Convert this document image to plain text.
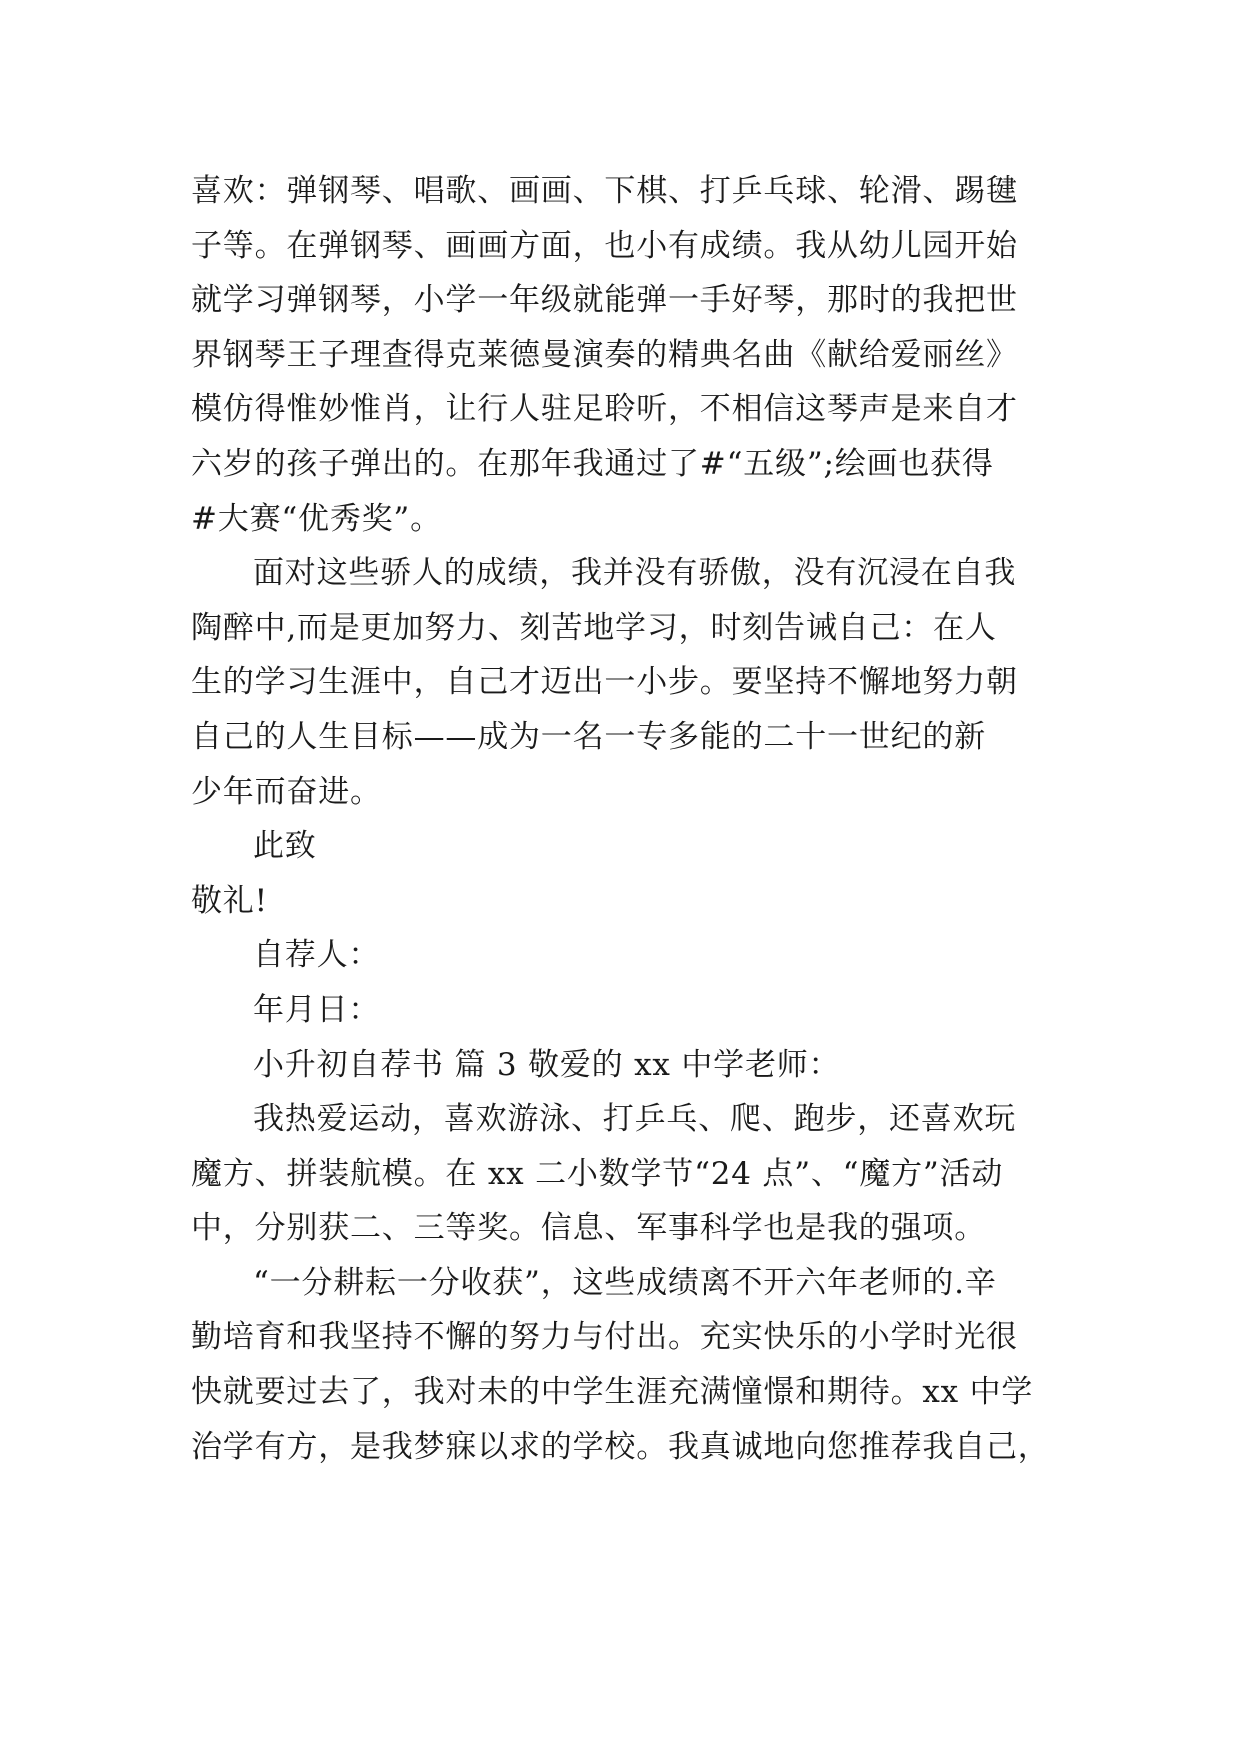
喜欢：弹钢琴、唱歌、画画、下棋、打乒乓球、轮滑、踢毽
子等。在弹钢琴、画画方面，也小有成绩。我从幼儿园开始
就学习弹钢琴，小学一年级就能弹一手好琴，那时的我把世
界钢琴王子理查得克莱德曼演奏的精典名曲《献给爱丽丝》
模仿得惟妙惟肖，让行人驻足聆听，不相信这琴声是来自才
六岁的孩子弹出的。在那年我通过了#“五级”;绘画也获得
#大赛“优秀奖”。
面对这些骄人的成绩，我并没有骄傲，没有沉浸在自我
陶醉中,而是更加努力、刻苦地学习，时刻告诫自己：在人
生的学习生涯中，自己才迈出一小步。要坚持不懈地努力朝
自己的人生目标——成为一名一专多能的二十一世纪的新
少年而奋进。
此致
敬礼!
自荐人：
年月日：
小升初自荐书 篇 3 敬爱的 xx 中学老师：
我热爱运动，喜欢游泳、打乒乓、爬、跑步，还喜欢玩
魔方、拼装航模。在 xx 二小数学节“24 点”、“魔方”活动
中，分别获二、三等奖。信息、军事科学也是我的强项。
“一分耕耘一分收获”，这些成绩离不开六年老师的.辛
勤培育和我坚持不懈的努力与付出。充实快乐的小学时光很
快就要过去了，我对未的中学生涯充满憧憬和期待。xx 中学
治学有方，是我梦寐以求的学校。我真诚地向您推荐我自己，
